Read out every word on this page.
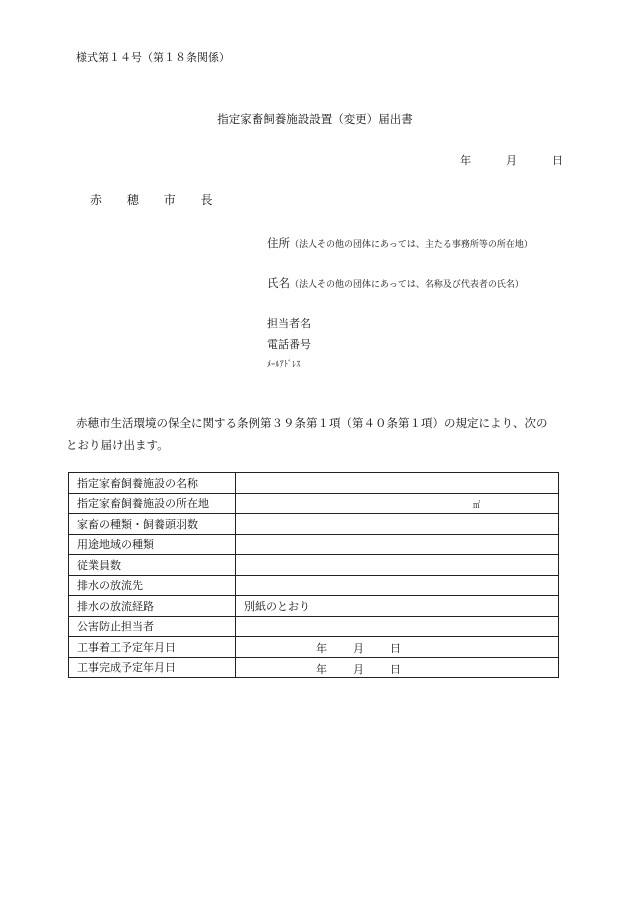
様式第１４号（第１８条関係）
指定家畜飼養施設設置（変更）届出書
年	月	日
赤 穂 市 長
住所（法人その他の団体にあっては、主たる事務所等の所在地）
氏名（法人その他の団体にあっては、名称及び代表者の氏名）
担当者名
電話番号
ﾒｰﾙｱﾄﾞﾚｽ
赤穂市生活環境の保全に関する条例第３９条第１項（第４０条第１項）の規定により、次の
とおり届け出ます。
指定家畜飼養施設の名称	
指定家畜飼養施設の所在地	㎡

家畜の種類・飼養頭羽数	
用途地域の種類	
従業員数	
排水の放流先	
排水の放流経路	別紙のとおり
公害防止担当者	
工事着工予定年月日	年 月 日

工事完成予定年月日	年 月 日
